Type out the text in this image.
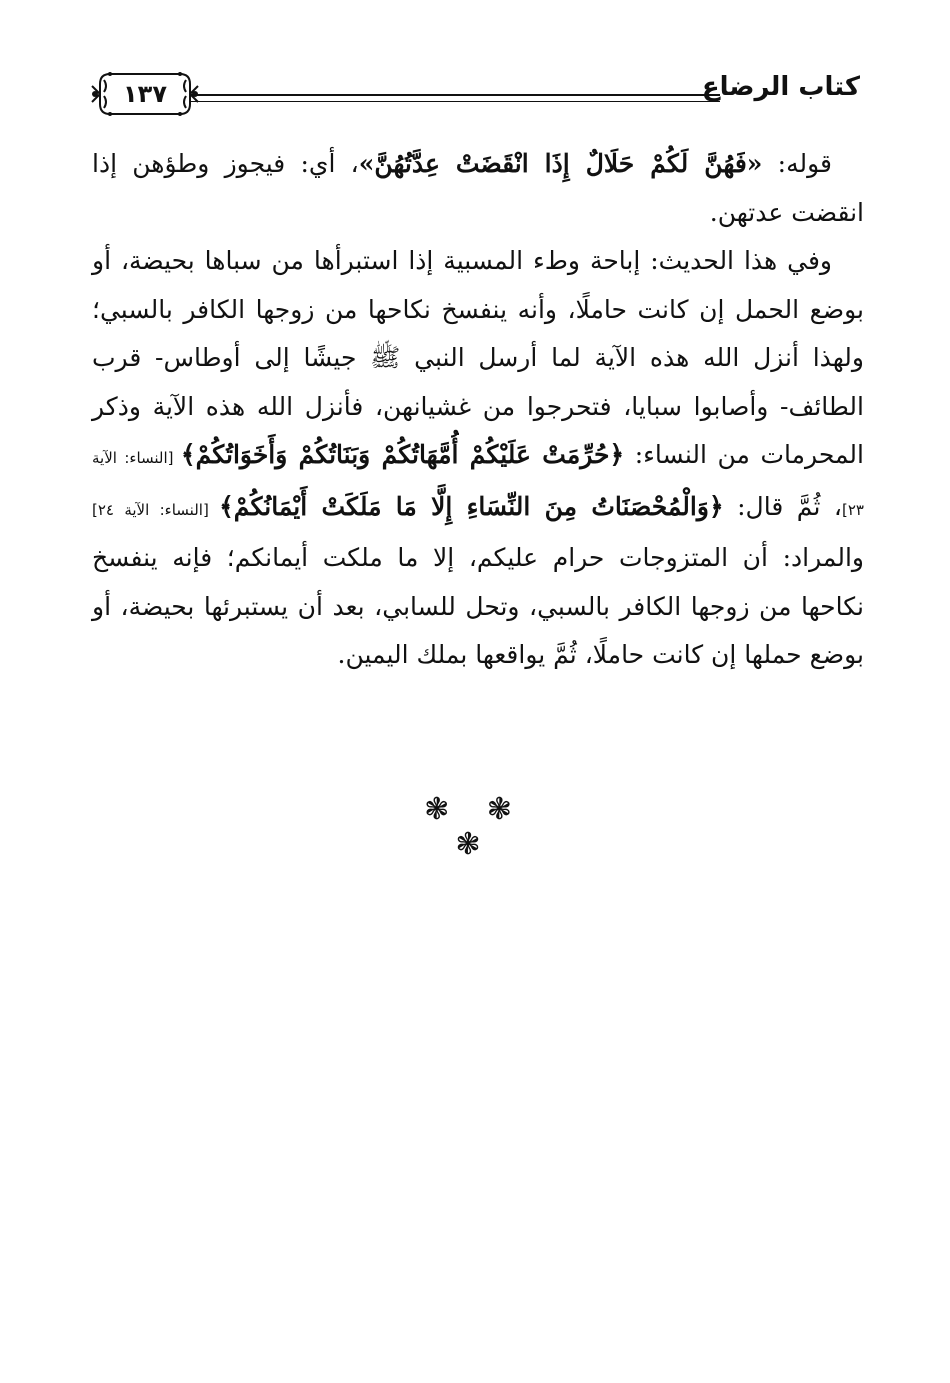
كتاب الرضاع
١٣٧

قوله: «فَهُنَّ لَكُمْ حَلَالٌ إِذَا انْقَضَتْ عِدَّتُهُنَّ»، أي: فيجوز وطؤهن إذا انقضت عدتهن.

وفي هذا الحديث: إباحة وطء المسبية إذا استبرأها من سباها بحيضة، أو بوضع الحمل إن كانت حاملًا، وأنه ينفسخ نكاحها من زوجها الكافر بالسبي؛ ولهذا أنزل الله هذه الآية لما أرسل النبي ﷺ جيشًا إلى أوطاس- قرب الطائف- وأصابوا سبايا، فتحرجوا من غشيانهن، فأنزل الله هذه الآية وذكر المحرمات من النساء: ﴿حُرِّمَتْ عَلَيْكُمْ أُمَّهَاتُكُمْ وَبَنَاتُكُمْ وَأَخَوَاتُكُمْ﴾ [النساء: الآية ٢٣]، ثُمَّ قال: ﴿وَالْمُحْصَنَاتُ مِنَ النِّسَاءِ إِلَّا مَا مَلَكَتْ أَيْمَانُكُمْ﴾ [النساء: الآية ٢٤] والمراد: أن المتزوجات حرام عليكم، إلا ما ملكت أيمانكم؛ فإنه ينفسخ نكاحها من زوجها الكافر بالسبي، وتحل للسابي، بعد أن يستبرئها بحيضة، أو بوضع حملها إن كانت حاملًا، ثُمَّ يواقعها بملك اليمين.

❃ ❃ ❃
